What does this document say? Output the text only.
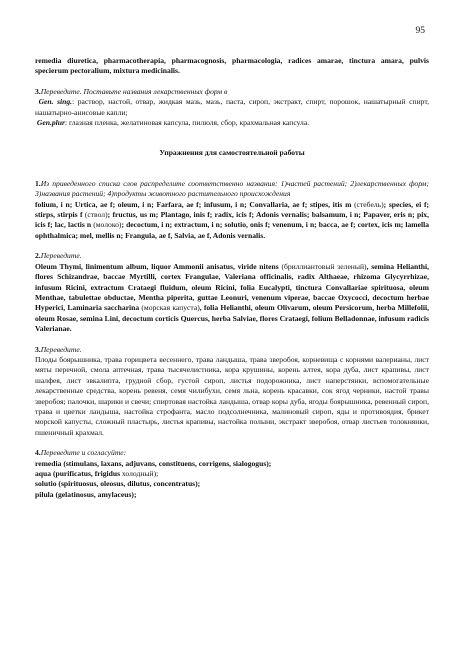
95

remedia diuretica, pharmacotherapia, pharmacognosis, pharmacologia, radices amarae, tinctura amara, pulvis specierum pectoralium, mixtura medicinalis.

3.Переведите. Поставьте названия лекарственных форм в

Gen. sing.: раствор, настой, отвар, жидкая мазь, мазь, паста, сироп, экстракт, спирт, порошок, нашатырный спирт, нашатырно-анисовые капли;

Gen.plur: глазная пленка, желатиновая капсула, пилюля, сбор, крахмальная капсула.

Упражнения для самостоятельной работы

1.Из приведенного списка слов распределите соответственно названия: 1)частей растений; 2)лекарственных форм; 3)названия растений; 4)продукты животного растительного происхождения

folium, i n; Urtica, ae f; oleum, i n; Farfara, ae f; infusum, i n; Convallaria, ae f; stipes, itis m (стебель); species, ei f; stirps, stirpis f (ствол); fructus, us m; Plantago, inis f; radix, icis f; Adonis vernalis; balsamum, i n; Papaver, eris n; pix, icis f; lac, lactis n (молоко); decoctum, i n; extractum, i n; solutio, onis f; venenum, i n; bacca, ae f; cortex, icis m; lamella ophthalmica; mel, mellis n; Frangula, ae f, Salvia, ae f, Adonis vernalis.

2.Переведите.

Oleum Thymi, linimentum album, liquor Ammonii anisatus, viride nitens (бриллиантовый зеленый), semina Helianthi, flores Schizandrae, baccae Myrtilli, cortex Frangulae, Valeriana officinalis, radix Althaeae, rhizoma Glycyrrhizae, infusum Ricini, extractum Crataegi fluidum, oleum Ricini, folia Eucalypti, tinctura Convallariae spirituosa, oleum Menthae, tabulettae obductae, Mentha piperita, guttae Leonuri, venenum viperae, baccae Oxycocci, decoctum herbae Hyperici, Laminaria saccharina (морская капуста), folia Helianthi, oleum Olivarum, oleum Persicorum, herba Millefolii, oleum Rosae, semina Lini, decoctum corticis Quercus, herba Salviae, flores Crataegi, folium Belladonnae, infusum radicis Valerianae.

3.Переведите.

Плоды боярышника, трава горицвета весеннего, трава ландыша, трава зверобоя, корневища с корнями валерианы, лист мяты перечной, смола аптечная, трава тысячелистника, кора крушины, корень алтея, кора дуба, лист крапивы, лист шалфея, лист эвкалипта, грудной сбор, густой сироп, листья подорожника, лист наперстянки, вспомогательные лекарственные средства, корень ревеня, семя чилибухи, семя льна, корень красавки, сок ягод черники, настой травы зверобоя; палочки, шарики и свечи; спиртовая настойка ландыша, отвар коры дуба, ягоды боярышника, ревенный сироп, трава и цветки ландыша, настойка строфанта, масло подсолнечника, малиновый сироп, яды и противоядия, брикет морской капусты, сложный пластырь, листья крапивы, настойка полыни, экстракт зверобоя, отвар листьев толокнянки, пшеничный крахмал.

4.Переведите и согласуйте:

remedia (stimulans, laxans, adjuvans, constituens, corrigens, sialogogus);

aqua (purificatus, frigidus холодный);

solutio (spirituosus, oleosus, dilutus, concentratus);

pilula (gelatinosus, amylaceus);
